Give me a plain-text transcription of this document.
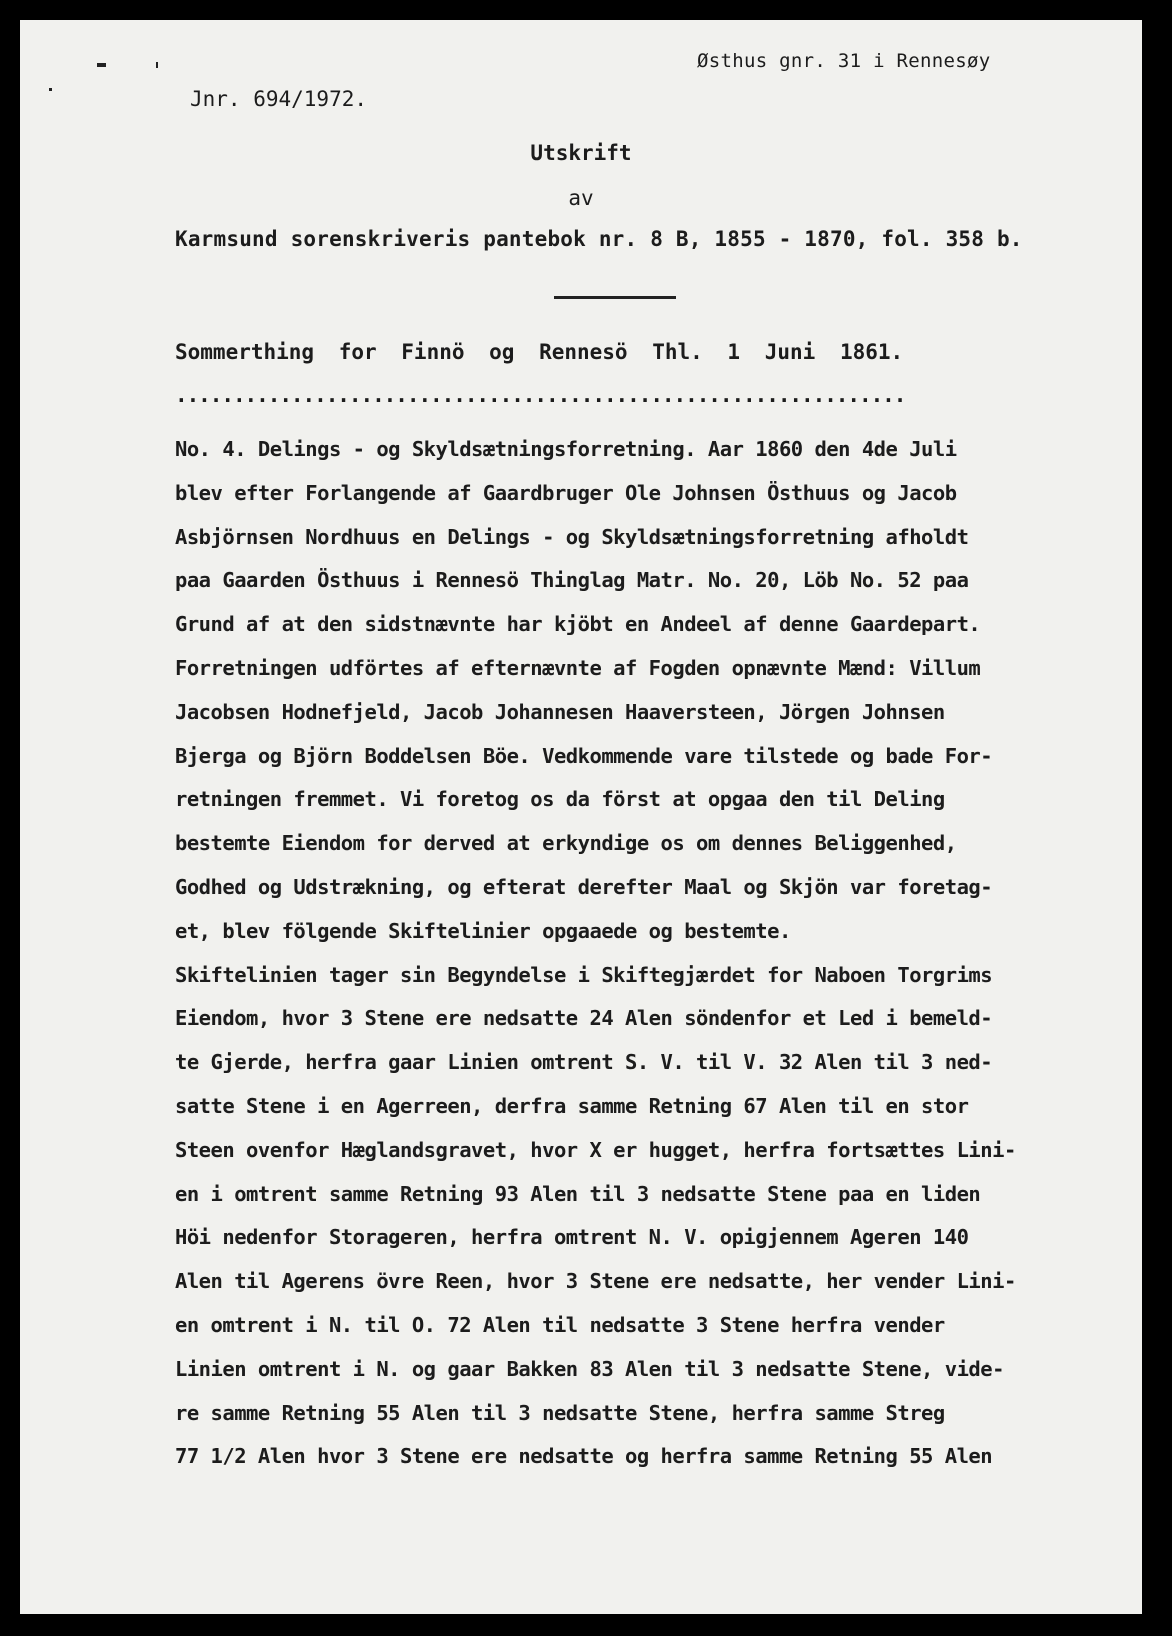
Østhus gnr. 31 i Rennesøy
Jnr. 694/1972.
Utskrift
av
Karmsund sorenskriveris pantebok nr. 8 B, 1855 - 1870, fol. 358 b.
Sommerthing for Finnö og Rennesö Thl. 1 Juni 1861.
...............................................................
No. 4. Delings - og Skyldsætningsforretning. Aar 1860 den 4de Juli
blev efter Forlangende af Gaardbruger Ole Johnsen Östhuus og Jacob
Asbjörnsen Nordhuus en Delings - og Skyldsætningsforretning afholdt
paa Gaarden Östhuus i Rennesö Thinglag Matr. No. 20, Löb No. 52 paa
Grund af at den sidstnævnte har kjöbt en Andeel af denne Gaardepart.
Forretningen udförtes af efternævnte af Fogden opnævnte Mænd: Villum
Jacobsen Hodnefjeld, Jacob Johannesen Haaversteen, Jörgen Johnsen
Bjerga og Björn Boddelsen Böe. Vedkommende vare tilstede og bade For-
retningen fremmet. Vi foretog os da först at opgaa den til Deling
bestemte Eiendom for derved at erkyndige os om dennes Beliggenhed,
Godhed og Udstrækning, og efterat derefter Maal og Skjön var foretag-
et, blev fölgende Skiftelinier opgaaede og bestemte.
Skiftelinien tager sin Begyndelse i Skiftegjærdet for Naboen Torgrims
Eiendom, hvor 3 Stene ere nedsatte 24 Alen söndenfor et Led i bemeld-
te Gjerde, herfra gaar Linien omtrent S. V. til V. 32 Alen til 3 ned-
satte Stene i en Agerreen, derfra samme Retning 67 Alen til en stor
Steen ovenfor Hæglandsgravet, hvor X er hugget, herfra fortsættes Lini-
en i omtrent samme Retning 93 Alen til 3 nedsatte Stene paa en liden
Höi nedenfor Storageren, herfra omtrent N. V. opigjennem Ageren 140
Alen til Agerens övre Reen, hvor 3 Stene ere nedsatte, her vender Lini-
en omtrent i N. til O. 72 Alen til nedsatte 3 Stene herfra vender
Linien omtrent i N. og gaar Bakken 83 Alen til 3 nedsatte Stene, vide-
re samme Retning 55 Alen til 3 nedsatte Stene, herfra samme Streg
77 1/2 Alen hvor 3 Stene ere nedsatte og herfra samme Retning 55 Alen
